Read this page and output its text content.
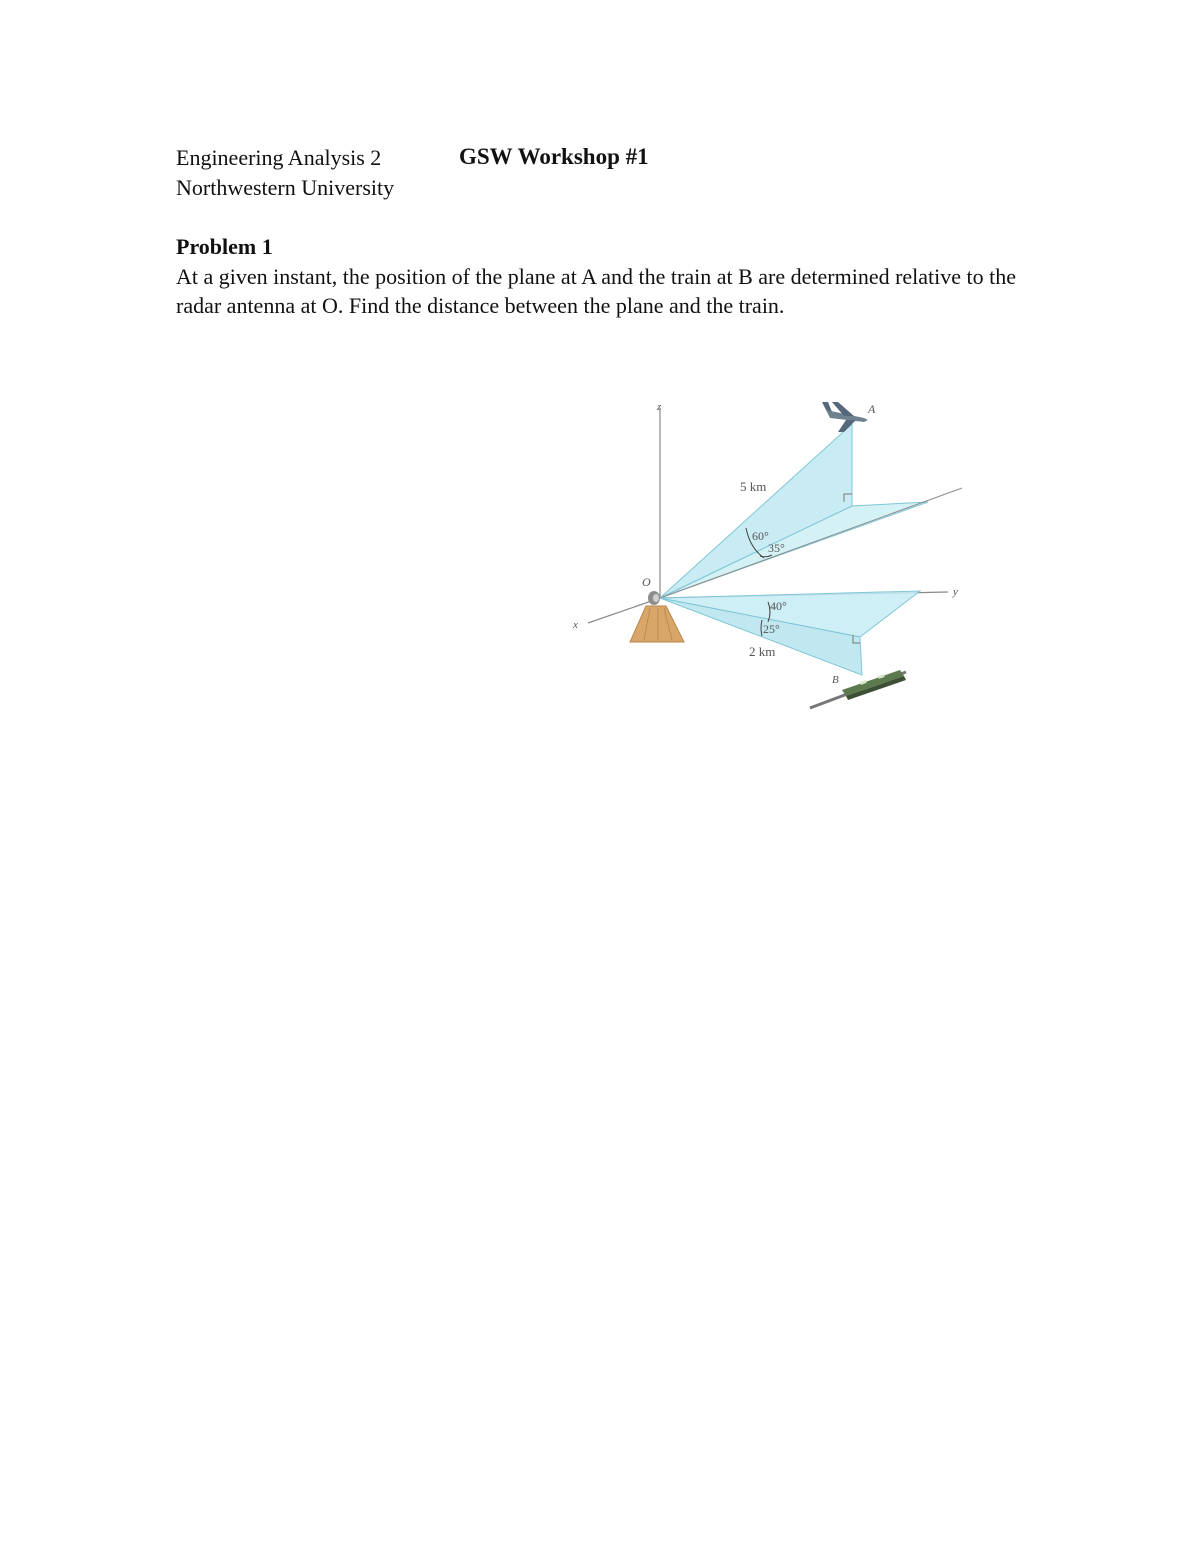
Engineering Analysis 2	GSW Workshop #1
Northwestern University
Problem 1
At a given instant, the position of the plane at A and the train at B are determined relative to the radar antenna at O. Find the distance between the plane and the train.
z
x
y
O
A
B
5 km
2 km
60°
35°
40°
25°
